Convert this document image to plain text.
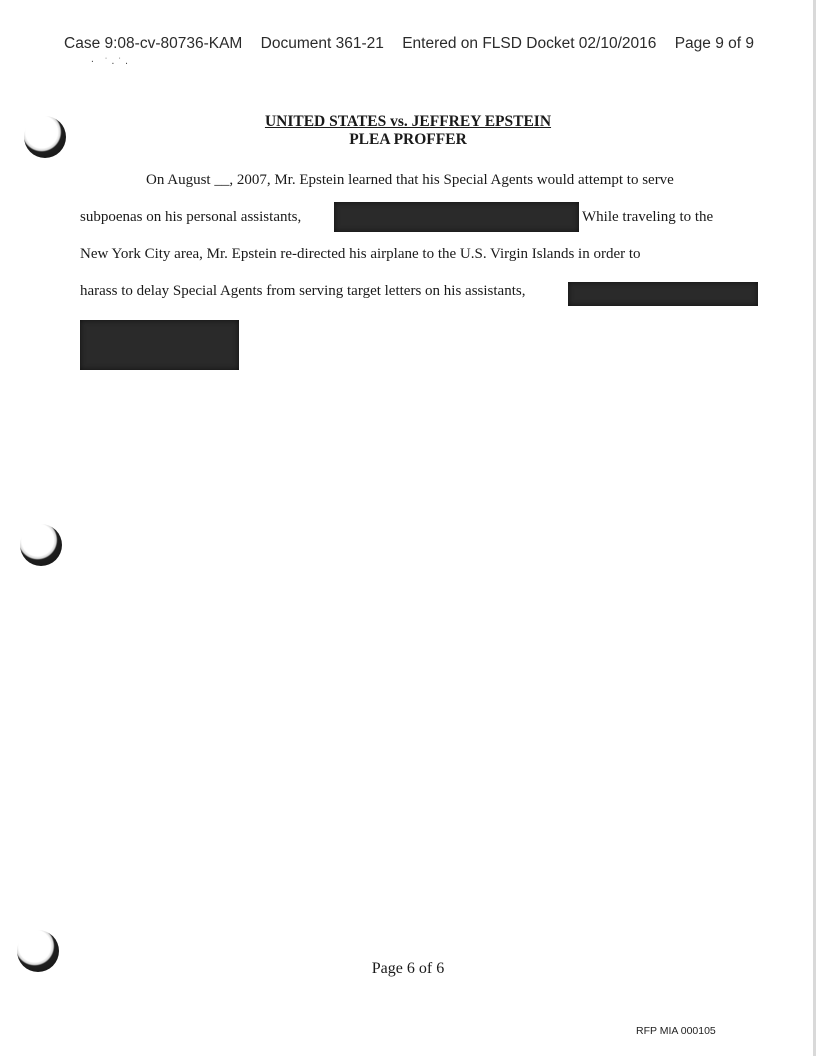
Case 9:08-cv-80736-KAM Document 361-21 Entered on FLSD Docket 02/10/2016 Page 9 of 9
· ˙.˙.
UNITED STATES vs. JEFFREY EPSTEIN
PLEA PROFFER
On August __, 2007, Mr. Epstein learned that his Special Agents would attempt to serve
subpoenas on his personal assistants,	While traveling to the
New York City area, Mr. Epstein re-directed his airplane to the U.S. Virgin Islands in order to
harass to delay Special Agents from serving target letters on his assistants,
Page 6 of 6
RFP MIA 000105
